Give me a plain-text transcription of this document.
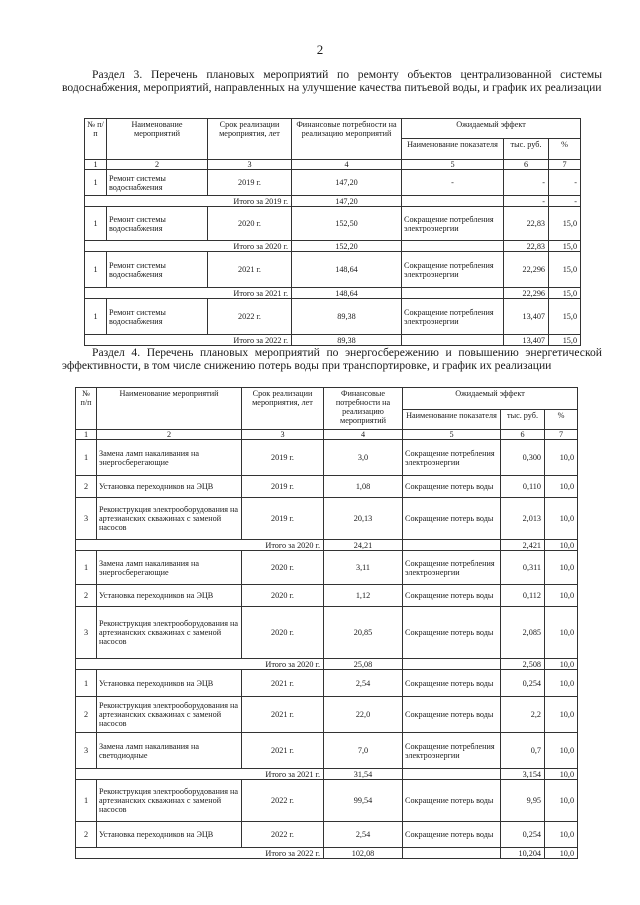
2
Раздел 3. Перечень плановых мероприятий по ремонту объектов централизованной системы водоснабжения, мероприятий, направленных на улучшение качества питьевой воды, и график их реализации
№ п/п	Наименование мероприятий	Срок реализации мероприятия, лет	Финансовые потребности на реализацию мероприятий	Ожидаемый эффект		
				Наименование показателя	тыс. руб.	%
1	2	3	4	5	6	7
1	Ремонт системы водоснабжения	2019 г.	147,20	-	-	-
Итого за 2019 г.			147,20		-	-
1	Ремонт системы водоснабжения	2020 г.	152,50	Сокращение потребления электроэнергии	22,83	15,0
Итого за 2020 г.			152,20		22,83	15,0
1	Ремонт системы водоснабжения	2021 г.	148,64	Сокращение потребления электроэнергии	22,296	15,0
Итого за 2021 г.			148,64		22,296	15,0
1	Ремонт системы водоснабжения	2022 г.	89,38	Сокращение потребления электроэнергии	13,407	15,0
Итого за 2022 г.			89,38		13,407	15,0
Раздел 4. Перечень плановых мероприятий по энергосбережению и повышению энергетической эффективности, в том числе снижению потерь воды при транспортировке, и график их реализации
№ п/п	Наименование мероприятий	Срок реализации мероприятия, лет	Финансовые потребности на реализацию мероприятий	Ожидаемый эффект		
				Наименование показателя	тыс. руб.	%
1	2	3	4	5	6	7
1	Замена ламп накаливания на энергосберегающие	2019 г.	3,0	Сокращение потребления электроэнергии	0,300	10,0
2	Установка переходников на ЭЦВ	2019 г.	1,08	Сокращение потерь воды	0,110	10,0
3	Реконструкция электрооборудования на артезианских скважинах с заменой насосов	2019 г.	20,13	Сокращение потерь воды	2,013	10,0
Итого за 2020 г.			24,21		2,421	10,0
1	Замена ламп накаливания на энергосберегающие	2020 г.	3,11	Сокращение потребления электроэнергии	0,311	10,0
2	Установка переходников на ЭЦВ	2020 г.	1,12	Сокращение потерь воды	0,112	10,0
3	Реконструкция электрооборудования на артезианских скважинах с заменой насосов	2020 г.	20,85	Сокращение потерь воды	2,085	10,0
Итого за 2020 г.			25,08		2,508	10,0
1	Установка переходников на ЭЦВ	2021 г.	2,54	Сокращение потерь воды	0,254	10,0
2	Реконструкция электрооборудования на артезианских скважинах с заменой насосов	2021 г.	22,0	Сокращение потерь воды	2,2	10,0
3	Замена ламп накаливания на светодиодные	2021 г.	7,0	Сокращение потребления электроэнергии	0,7	10,0
Итого за 2021 г.			31,54		3,154	10,0
1	Реконструкция электрооборудования на артезианских скважинах с заменой насосов	2022 г.	99,54	Сокращение потерь воды	9,95	10,0
2	Установка переходников на ЭЦВ	2022 г.	2,54	Сокращение потерь воды	0,254	10,0
Итого за 2022 г.			102,08		10,204	10,0
